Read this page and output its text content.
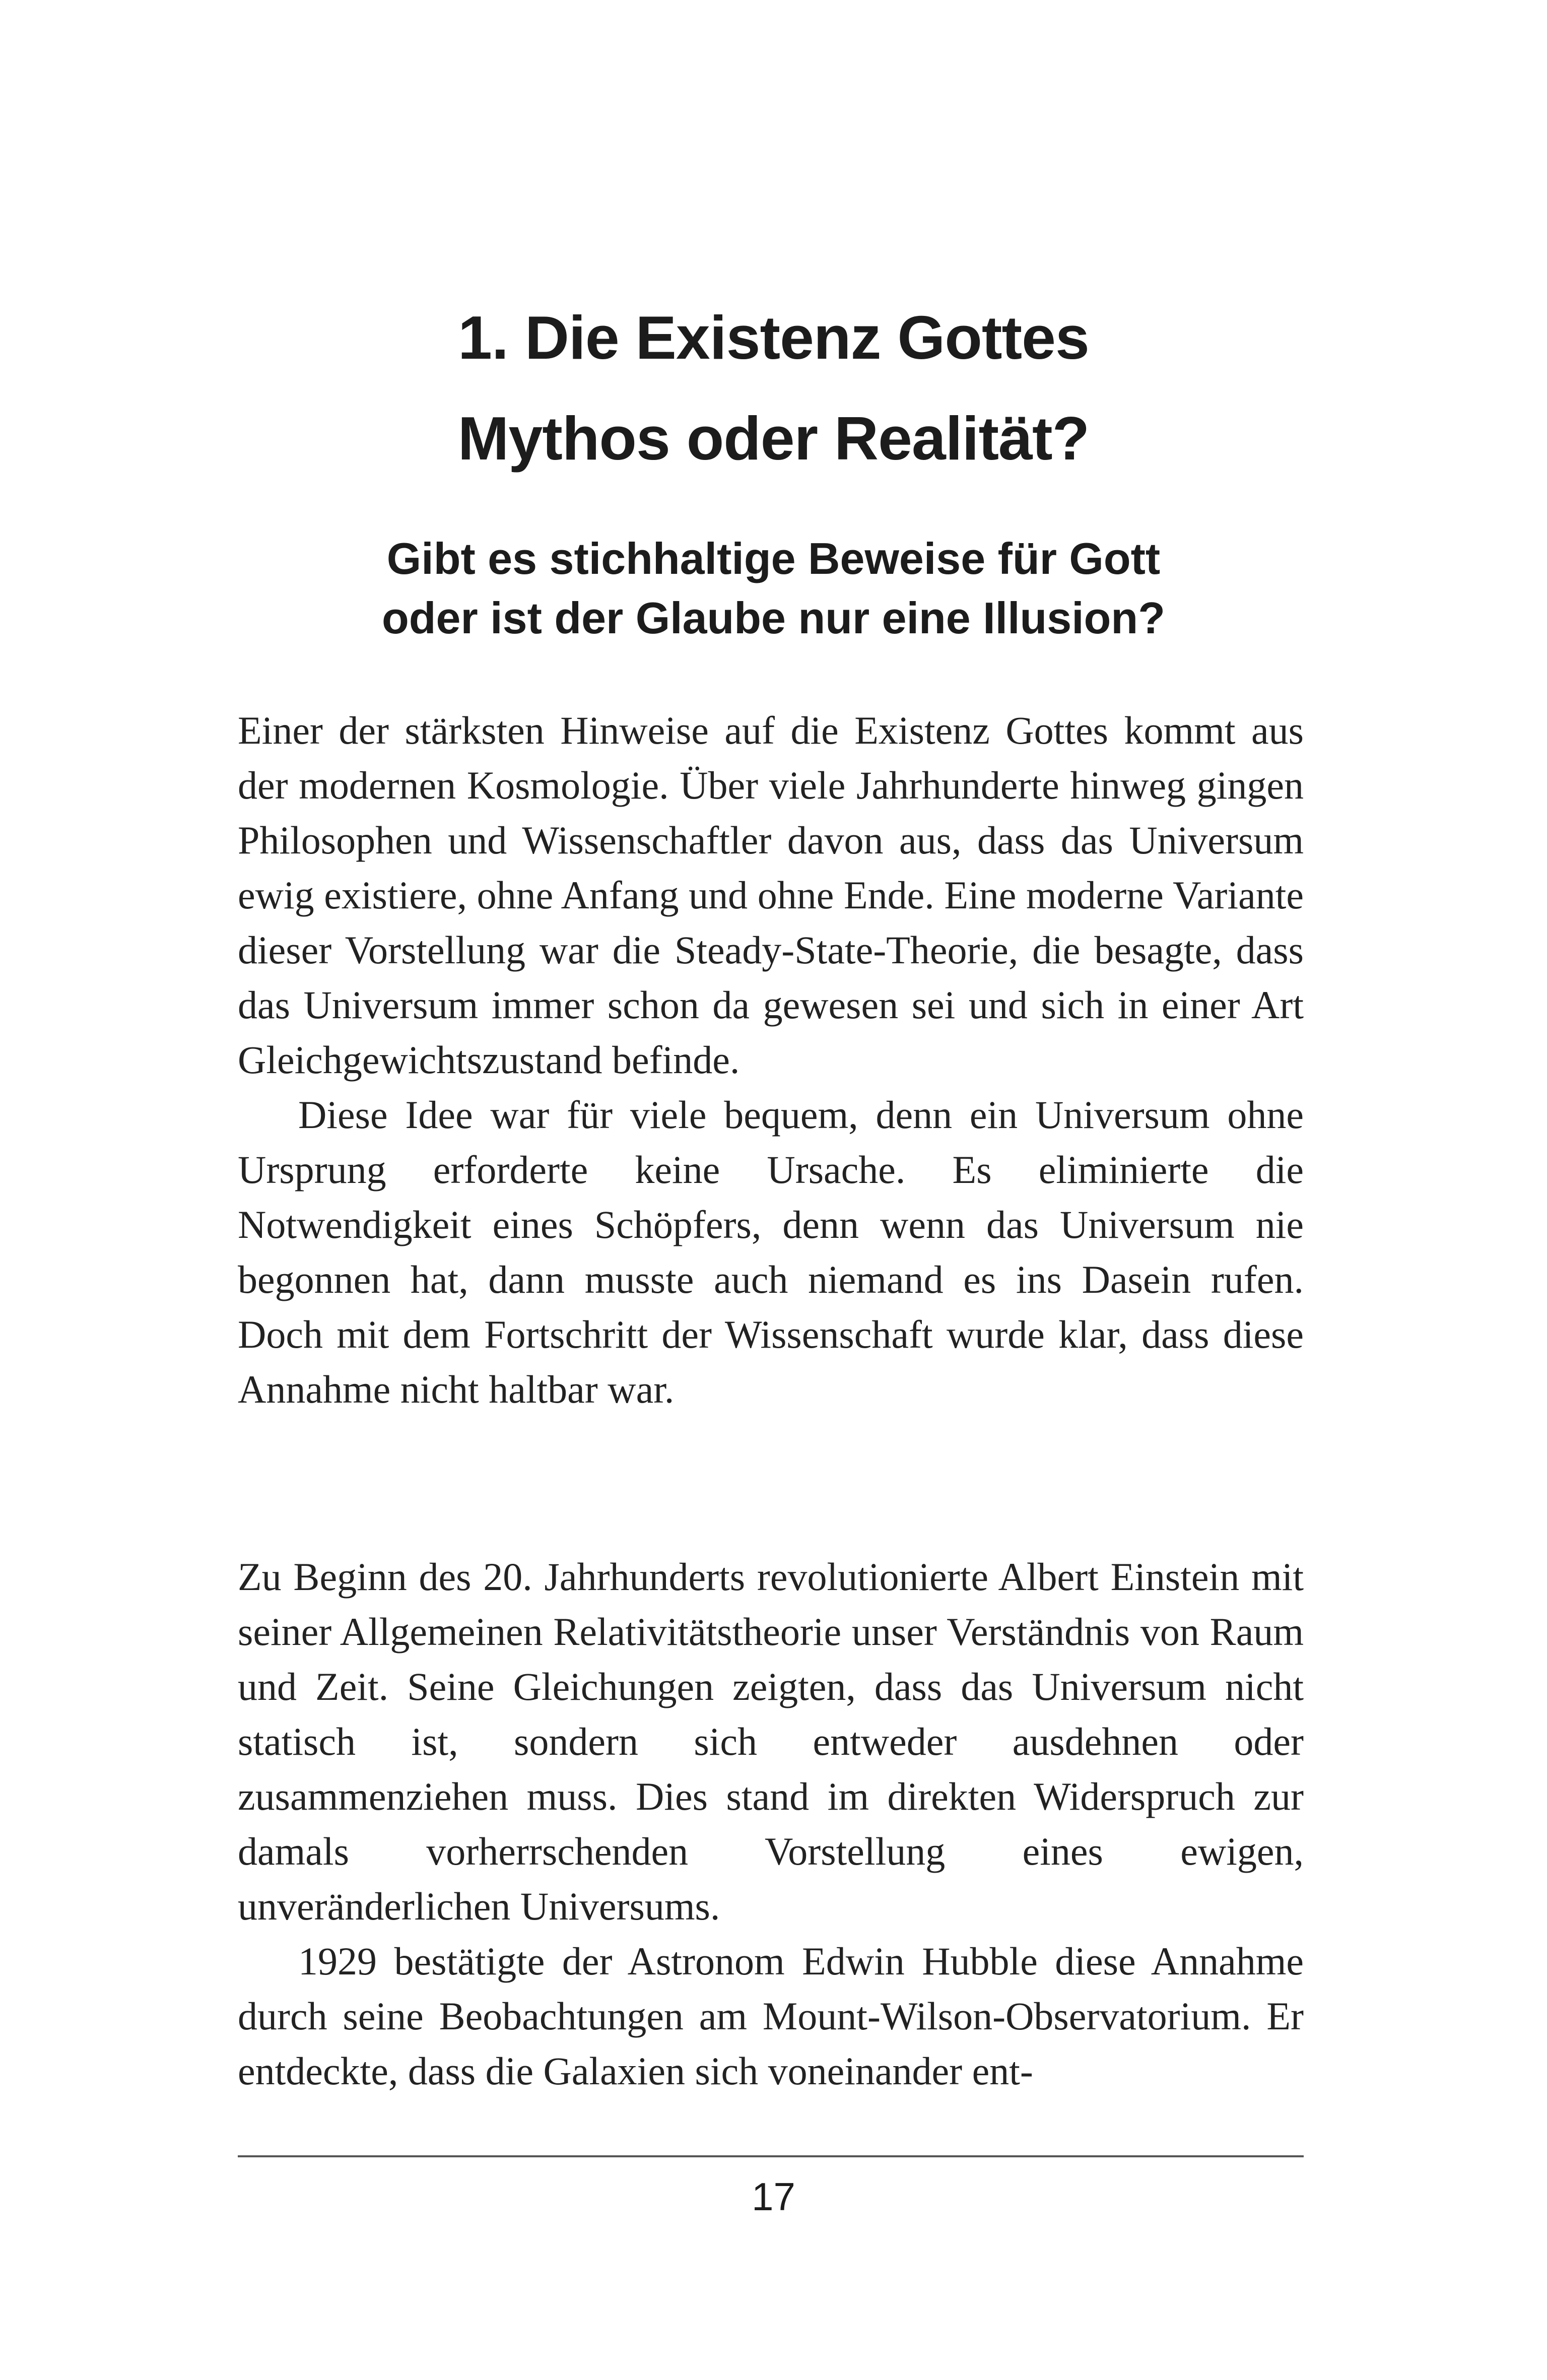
1. Die Existenz Gottes
Mythos oder Realität?
Gibt es stichhaltige Beweise für Gott
oder ist der Glaube nur eine Illusion?

Einer der stärksten Hinweise auf die Existenz Gottes kommt aus der modernen Kosmologie. Über viele Jahrhunderte hinweg gingen Philosophen und Wissenschaftler davon aus, dass das Universum ewig existiere, ohne Anfang und ohne Ende. Eine moderne Variante dieser Vorstellung war die Steady-State-Theorie, die besagte, dass das Universum immer schon da gewesen sei und sich in einer Art Gleichgewichtszustand befinde.

Diese Idee war für viele bequem, denn ein Universum ohne Ursprung erforderte keine Ursache. Es eliminierte die Notwendigkeit eines Schöpfers, denn wenn das Universum nie begonnen hat, dann musste auch niemand es ins Dasein rufen. Doch mit dem Fortschritt der Wissenschaft wurde klar, dass diese Annahme nicht haltbar war.

Zu Beginn des 20. Jahrhunderts revolutionierte Albert Einstein mit seiner Allgemeinen Relativitätstheorie unser Verständnis von Raum und Zeit. Seine Gleichungen zeigten, dass das Universum nicht statisch ist, sondern sich entweder ausdehnen oder zusammenziehen muss. Dies stand im direkten Widerspruch zur damals vorherrschenden Vorstellung eines ewigen, unveränderlichen Universums.

1929 bestätigte der Astronom Edwin Hubble diese Annahme durch seine Beobachtungen am Mount-Wilson-Observatorium. Er entdeckte, dass die Galaxien sich voneinander ent-

17
